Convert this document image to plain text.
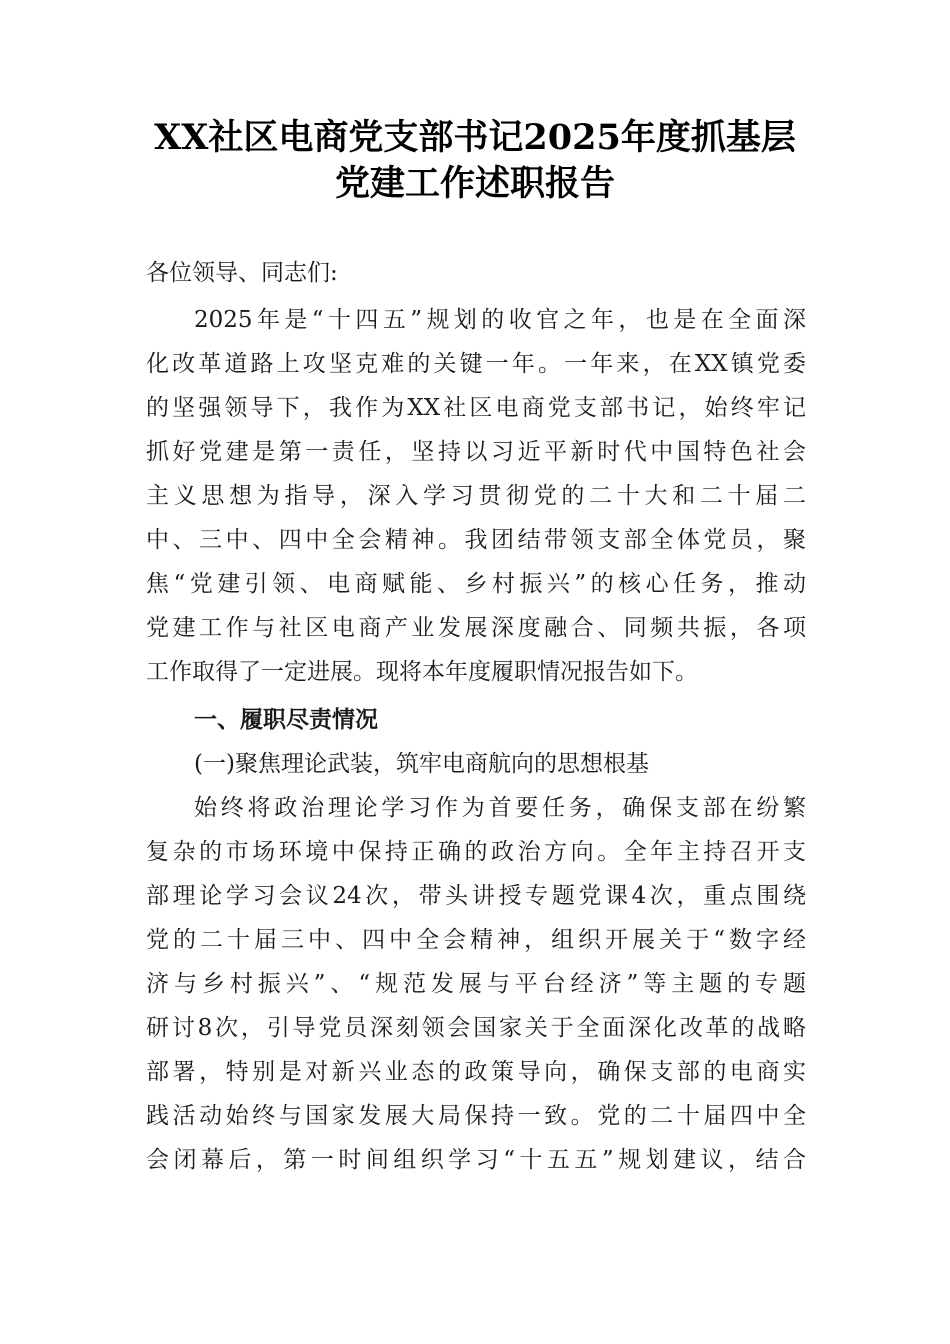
XX社区电商党支部书记2025年度抓基层
党建工作述职报告
各位领导、同志们:
2025年是“十四五”规划的收官之年，也是在全面深
化改革道路上攻坚克难的关键一年。一年来，在XX镇党委
的坚强领导下，我作为XX社区电商党支部书记，始终牢记
抓好党建是第一责任，坚持以习近平新时代中国特色社会
主义思想为指导，深入学习贯彻党的二十大和二十届二
中、三中、四中全会精神。我团结带领支部全体党员，聚
焦“党建引领、电商赋能、乡村振兴”的核心任务，推动
党建工作与社区电商产业发展深度融合、同频共振，各项
工作取得了一定进展。现将本年度履职情况报告如下。
一、履职尽责情况
(一)聚焦理论武装，筑牢电商航向的思想根基
始终将政治理论学习作为首要任务，确保支部在纷繁
复杂的市场环境中保持正确的政治方向。全年主持召开支
部理论学习会议24次，带头讲授专题党课4次，重点围绕
党的二十届三中、四中全会精神，组织开展关于“数字经
济与乡村振兴”、“规范发展与平台经济”等主题的专题
研讨8次，引导党员深刻领会国家关于全面深化改革的战略
部署，特别是对新兴业态的政策导向，确保支部的电商实
践活动始终与国家发展大局保持一致。党的二十届四中全
会闭幕后，第一时间组织学习“十五五”规划建议，结合
